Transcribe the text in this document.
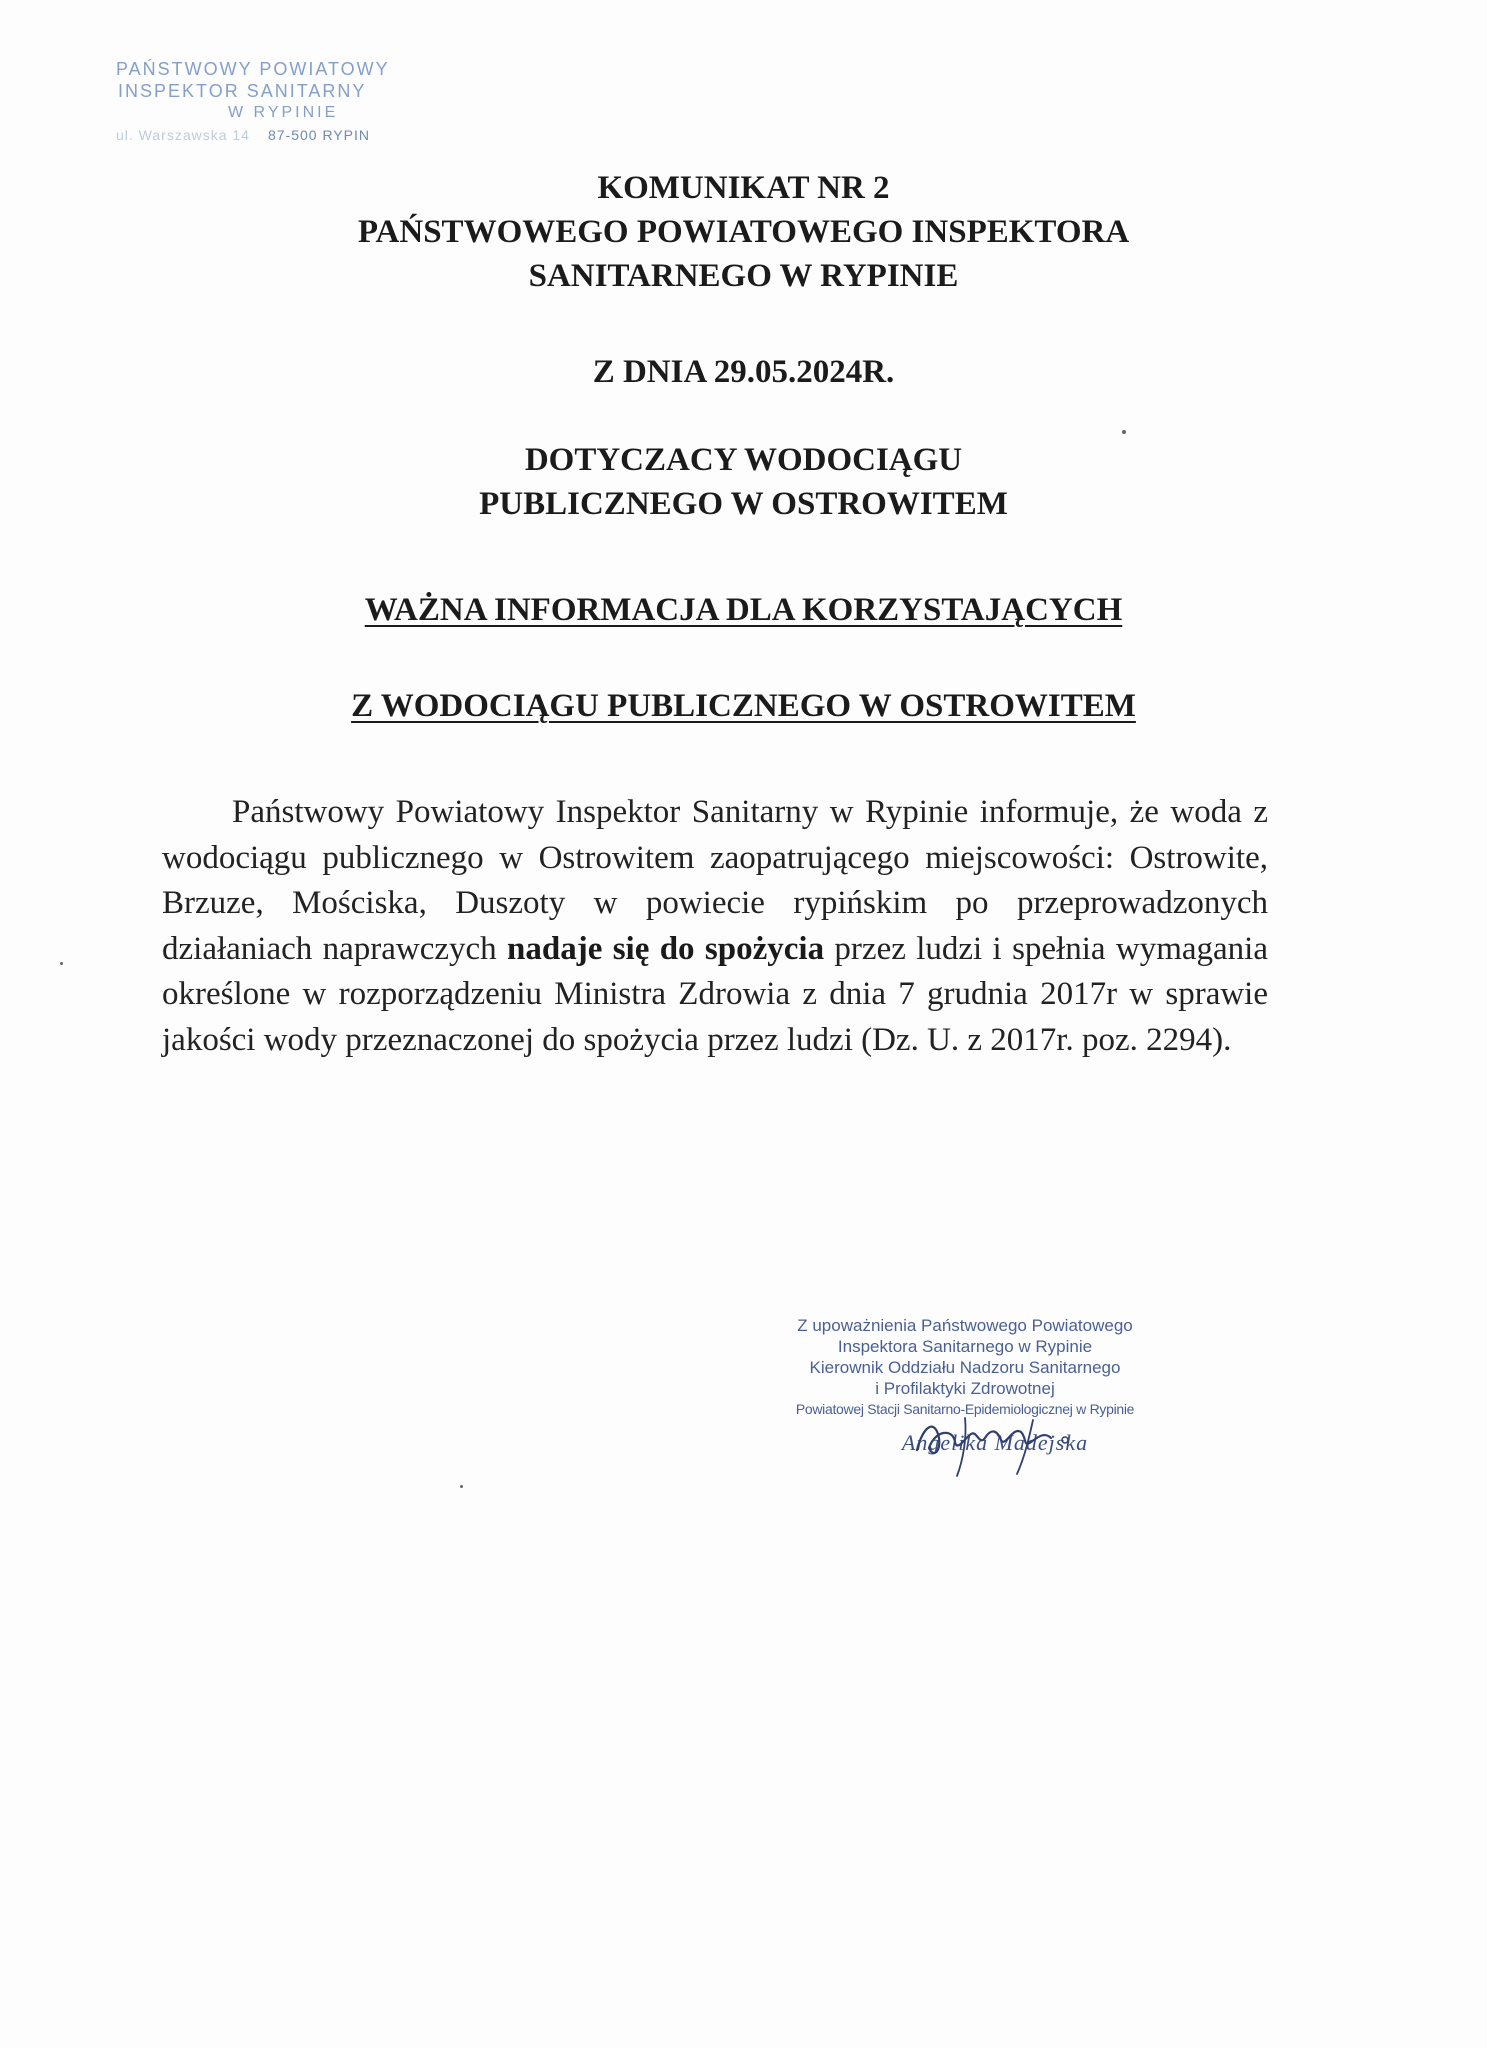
PAŃSTWOWY POWIATOWY
INSPEKTOR SANITARNY
W RYPINIE
ul. Warszawska 14 87-500 RYPIN
KOMUNIKAT NR 2
PAŃSTWOWEGO POWIATOWEGO INSPEKTORA
SANITARNEGO W RYPINIE
Z DNIA 29.05.2024R.
DOTYCZACY WODOCIĄGU
PUBLICZNEGO W OSTROWITEM
WAŻNA INFORMACJA DLA KORZYSTAJĄCYCH
Z WODOCIĄGU PUBLICZNEGO W OSTROWITEM

Państwowy Powiatowy Inspektor Sanitarny w Rypinie informuje, że woda z wodociągu publicznego w Ostrowitem zaopatrującego miejscowości: Ostrowite, Brzuze, Mościska, Duszoty w powiecie rypińskim po przeprowadzonych działaniach naprawczych nadaje się do spożycia przez ludzi i spełnia wymagania określone w rozporządzeniu Ministra Zdrowia z dnia 7 grudnia 2017r w sprawie jakości wody przeznaczonej do spożycia przez ludzi (Dz. U. z 2017r. poz. 2294).

Z upoważnienia Państwowego Powiatowego
Inspektora Sanitarnego w Rypinie
Kierownik Oddziału Nadzoru Sanitarnego
i Profilaktyki Zdrowotnej
Powiatowej Stacji Sanitarno-Epidemiologicznej w Rypinie
Angelika Madejska
